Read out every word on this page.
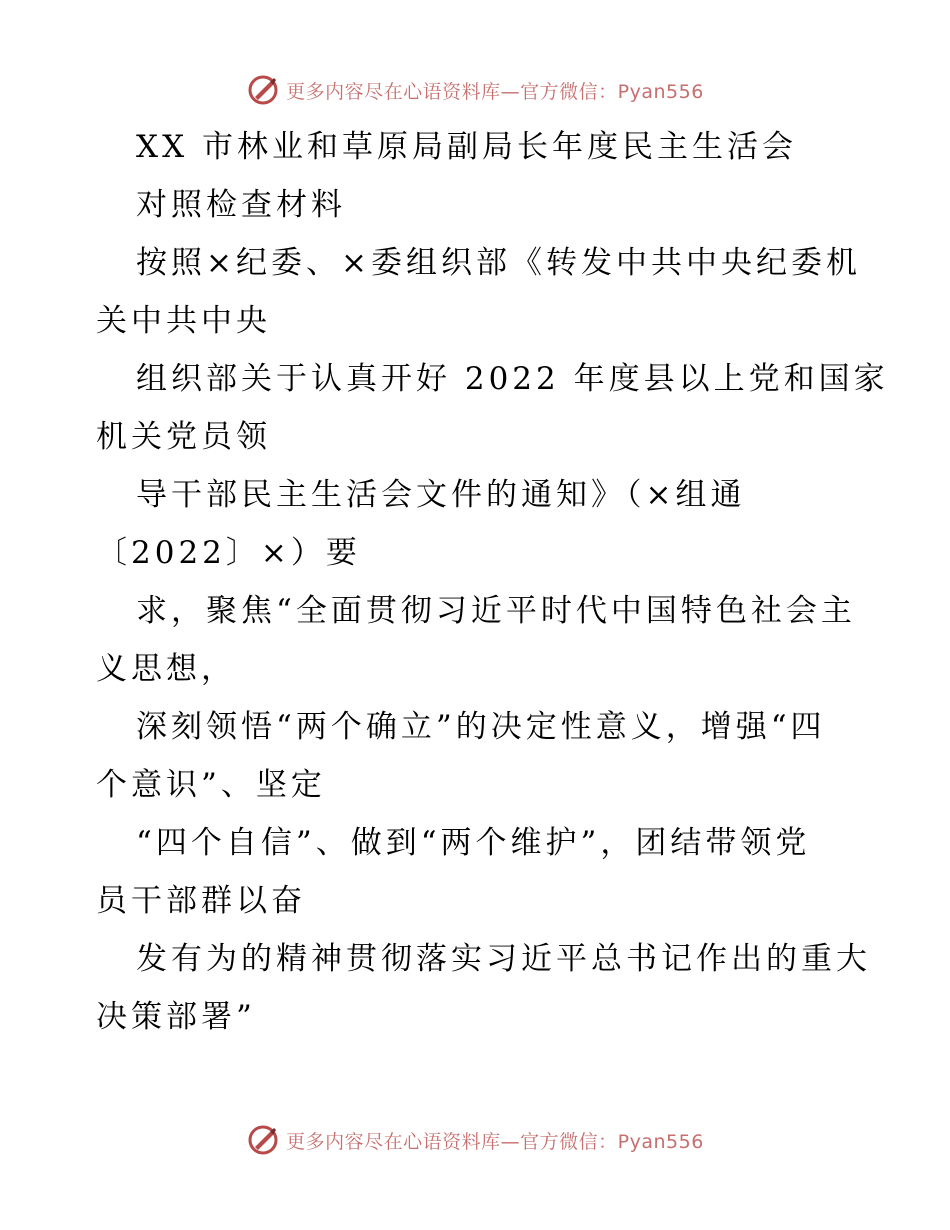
更多内容尽在心语资料库—官方微信：Pyan556
XX 市林业和草原局副局长年度民主生活会
对照检查材料
按照×纪委、×委组织部《转发中共中央纪委机
关中共中央
组织部关于认真开好 2022 年度县以上党和国家
机关党员领
导干部民主生活会文件的通知》（×组通
〔2022〕×）要
求，聚焦“全面贯彻习近平时代中国特色社会主
义思想，
深刻领悟“两个确立”的决定性意义，增强“四
个意识”、坚定
“四个自信”、做到“两个维护”，团结带领党
员干部群以奋
发有为的精神贯彻落实习近平总书记作出的重大
决策部署”
更多内容尽在心语资料库—官方微信：Pyan556
